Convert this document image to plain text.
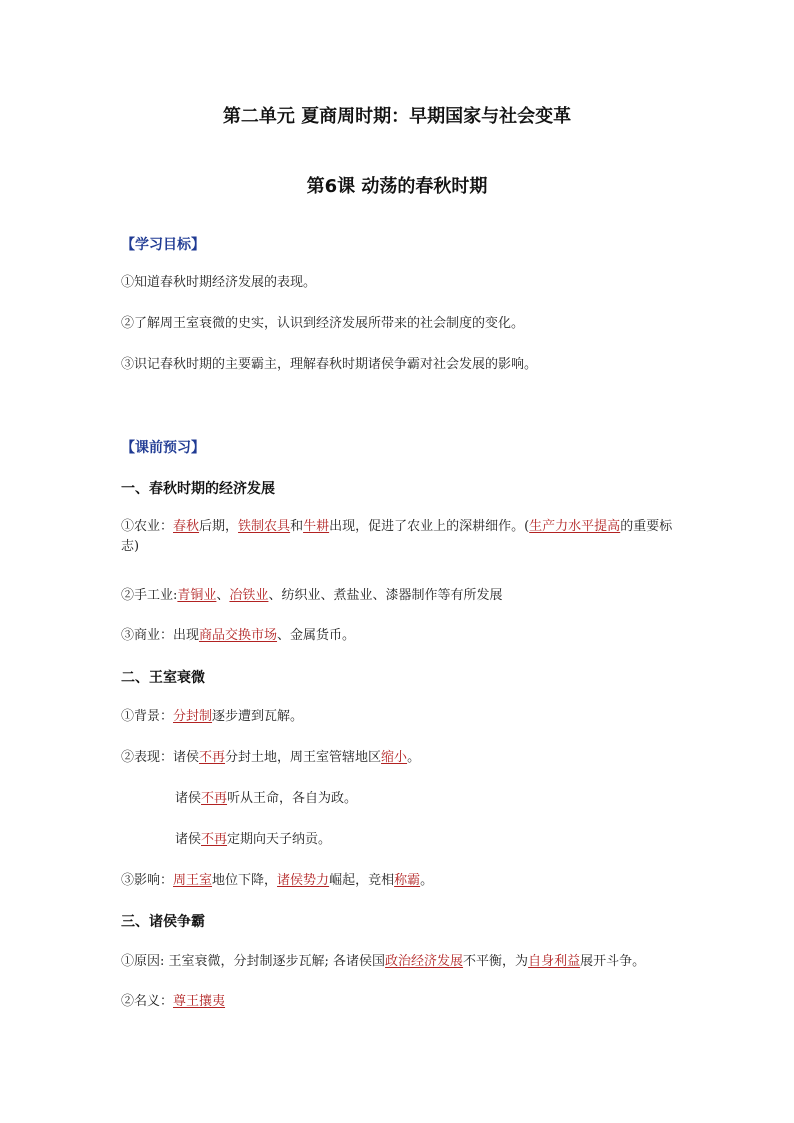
第二单元 夏商周时期：早期国家与社会变革
第6课 动荡的春秋时期

【学习目标】

①知道春秋时期经济发展的表现。

②了解周王室衰微的史实，认识到经济发展所带来的社会制度的变化。

③识记春秋时期的主要霸主，理解春秋时期诸侯争霸对社会发展的影响。

【课前预习】

一、春秋时期的经济发展

①农业：春秋后期，铁制农具和牛耕出现，促进了农业上的深耕细作。(生产力水平提高的重要标志)

②手工业:青铜业、冶铁业、纺织业、煮盐业、漆器制作等有所发展

③商业：出现商品交换市场、金属货币。

二、王室衰微

①背景：分封制逐步遭到瓦解。

②表现：诸侯不再分封土地，周王室管辖地区缩小。

诸侯不再听从王命，各自为政。

诸侯不再定期向天子纳贡。

③影响：周王室地位下降，诸侯势力崛起，竞相称霸。

三、诸侯争霸

①原因: 王室衰微，分封制逐步瓦解; 各诸侯国政治经济发展不平衡，为自身利益展开斗争。

②名义：尊王攘夷
